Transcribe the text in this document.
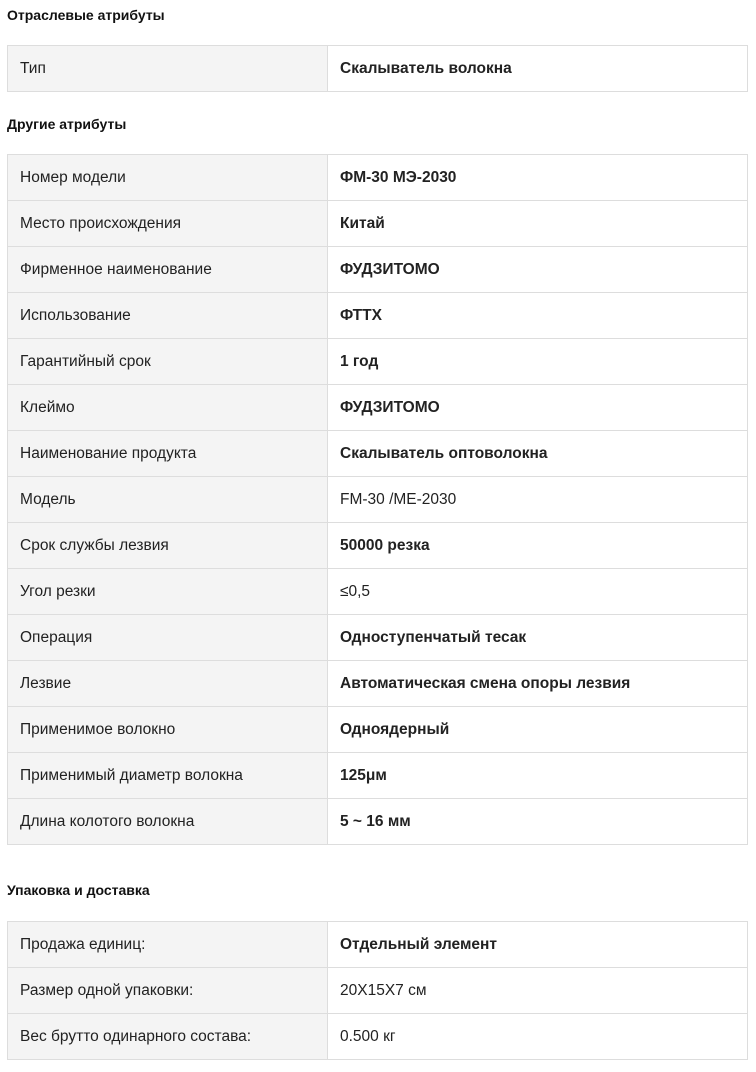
Отраслевые атрибуты
Тип	Скалыватель волокна
Другие атрибуты
Номер модели	ФМ-30 МЭ-2030
Место происхождения	Китай
Фирменное наименование	ФУДЗИТОМО
Использование	ФТТХ
Гарантийный срок	1 год
Клеймо	ФУДЗИТОМО
Наименование продукта	Скалыватель оптоволокна
Модель	FM-30 /ME-2030
Срок службы лезвия	50000 резка
Угол резки	≤0,5
Операция	Одноступенчатый тесак
Лезвие	Автоматическая смена опоры лезвия
Применимое волокно	Одноядерный
Применимый диаметр волокна	125μм
Длина колотого волокна	5 ~ 16 мм
Упаковка и доставка
Продажа единиц:	Отдельный элемент
Размер одной упаковки:	20X15X7 см
Вес брутто одинарного состава:	0.500 кг
